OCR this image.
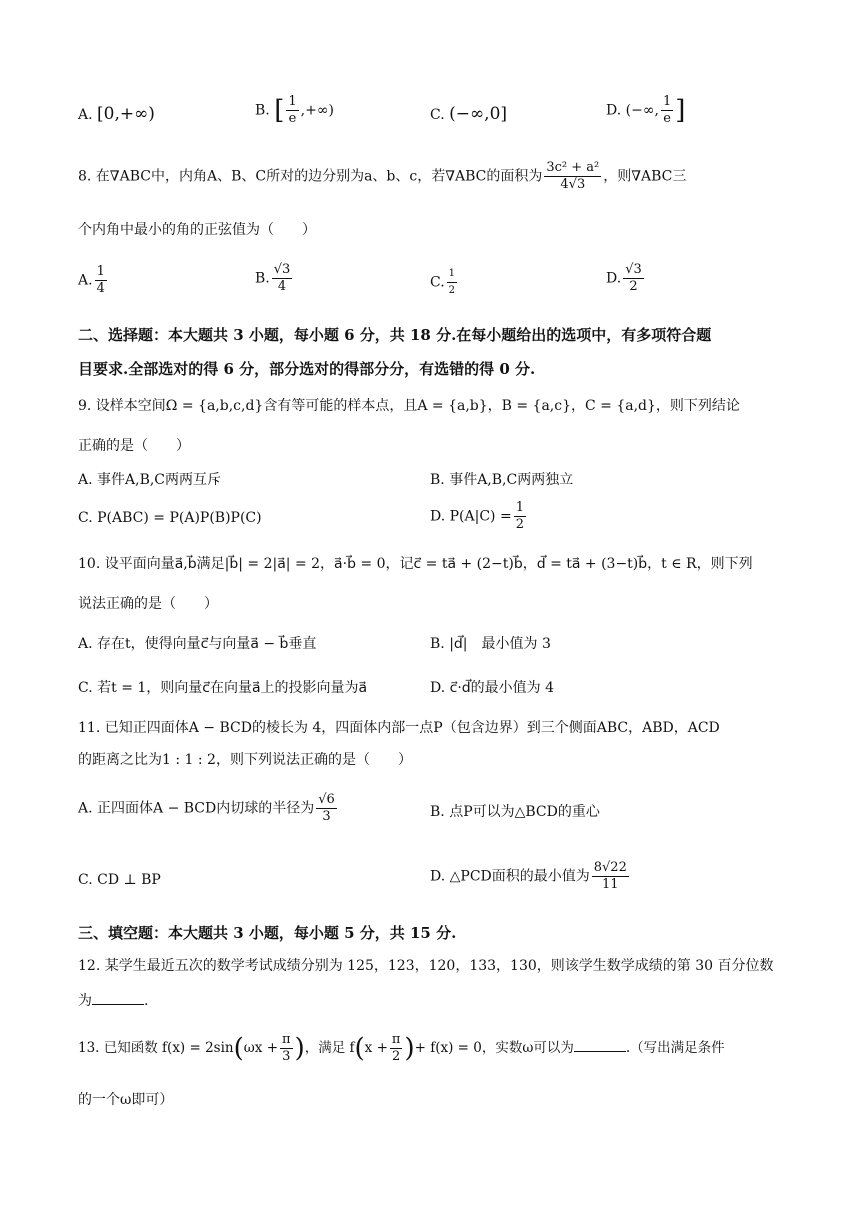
A. [0,+∞)	B. [ $\frac{1}{e}$ ,+∞)	C. (−∞,0]	D. (−∞, $\frac{1}{e}$ ]
8. 在∇ABC中，内角A、B、C所对的边分别为a、b、c，若∇ABC的面积为 $\frac{\text{3c² + a²}}{4√3}$ ，则∇ABC三
个内角中最小的角的正弦值为（　　）
A. $\frac{1}{4}$	B. $\frac{√3}{4}$	C. $\frac{1}{2}$	D. $\frac{√3}{2}$
二、选择题：本大题共 3 小题，每小题 6 分，共 18 分.在每小题给出的选项中，有多项符合题
目要求.全部选对的得 6 分，部分选对的得部分分，有选错的得 0 分.
9. 设样本空间Ω = {a,b,c,d}含有等可能的样本点，且A = {a,b}，B = {a,c}，C = {a,d}，则下列结论
正确的是（　　）
A. 事件A,B,C两两互斥	B. 事件A,B,C两两独立
C. P(ABC) = P(A)P(B)P(C)	D. $P(A|C) = \frac{1}{2}$
10. 设平面向量a⃗,b⃗满足|b⃗| = 2|a⃗| = 2，a⃗·b⃗ = 0，记c⃗ = ta⃗ + (2−t)b⃗，d⃗ = ta⃗ + (3−t)b⃗，t ∈ R，则下列
说法正确的是（　　）
A. 存在t，使得向量c⃗与向量a⃗ − b⃗垂直	B. |d⃗|　最小值为 3
C. 若t = 1，则向量c⃗在向量a⃗上的投影向量为a⃗	D. c⃗·d⃗的最小值为 4
11. 已知正四面体A − BCD的棱长为 4，四面体内部一点P（包含边界）到三个侧面ABC，ABD，ACD
的距离之比为1 : 1 : 2，则下列说法正确的是（　　）
A. 正四面体A − BCD内切球的半径为 $\frac{√6}{3}$	B. 点P可以为△BCD的重心
C. CD ⊥ BP	D. △PCD面积的最小值为 $\frac{8√22}{11}$
三、填空题：本大题共 3 小题，每小题 5 分，共 15 分.
12. 某学生最近五次的数学考试成绩分别为 125，123，120，133，130，则该学生数学成绩的第 30 百分位数
为	.
13. 已知函数 $f(x) = 2\sin(\omega x + \frac{\pi}{3}$ )，满足 $f(x + \frac{\pi}{2}$ )+ f(x) = 0，实数ω可以为	.（写出满足条件
的一个ω即可）
